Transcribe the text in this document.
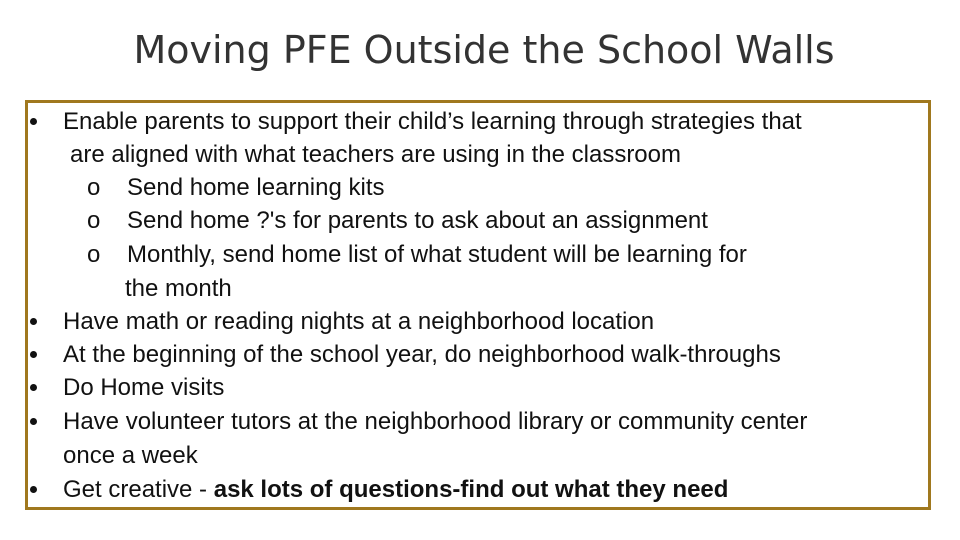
Moving PFE Outside the School Walls
Enable parents to support their child’s learning through strategies that
are aligned with what teachers are using in the classroom
o Send home learning kits
o Send home ?'s for parents to ask about an assignment
o Monthly, send home list of what student will be learning for
the month
Have math or reading nights at a neighborhood location
At the beginning of the school year, do neighborhood walk-throughs
Do Home visits
Have volunteer tutors at the neighborhood library or community center
once a week
Get creative - ask lots of questions-find out what they need
